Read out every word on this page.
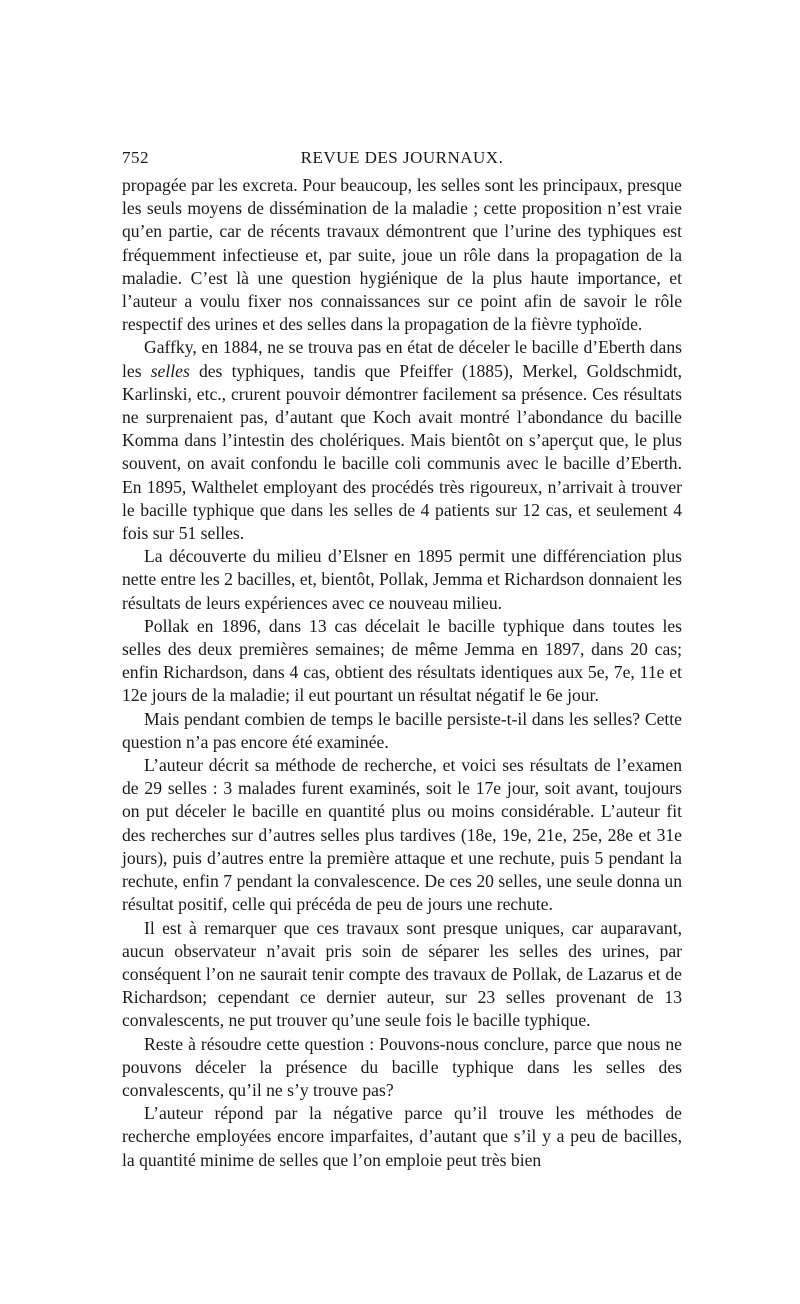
752	REVUE DES JOURNAUX.

propagée par les excreta. Pour beaucoup, les selles sont les principaux, presque les seuls moyens de dissémination de la maladie ; cette proposition n’est vraie qu’en partie, car de récents travaux démontrent que l’urine des typhiques est fréquemment infectieuse et, par suite, joue un rôle dans la propagation de la maladie. C’est là une question hygiénique de la plus haute importance, et l’auteur a voulu fixer nos connaissances sur ce point afin de savoir le rôle respectif des urines et des selles dans la propagation de la fièvre typhoïde.

Gaffky, en 1884, ne se trouva pas en état de déceler le bacille d’Eberth dans les selles des typhiques, tandis que Pfeiffer (1885), Merkel, Goldschmidt, Karlinski, etc., crurent pouvoir démontrer facilement sa présence. Ces résultats ne surprenaient pas, d’autant que Koch avait montré l’abondance du bacille Komma dans l’intestin des cholériques. Mais bientôt on s’aperçut que, le plus souvent, on avait confondu le bacille coli communis avec le bacille d’Eberth. En 1895, Walthelet employant des procédés très rigoureux, n’arrivait à trouver le bacille typhique que dans les selles de 4 patients sur 12 cas, et seulement 4 fois sur 51 selles.

La découverte du milieu d’Elsner en 1895 permit une différenciation plus nette entre les 2 bacilles, et, bientôt, Pollak, Jemma et Richardson donnaient les résultats de leurs expériences avec ce nouveau milieu.

Pollak en 1896, dans 13 cas décelait le bacille typhique dans toutes les selles des deux premières semaines; de même Jemma en 1897, dans 20 cas; enfin Richardson, dans 4 cas, obtient des résultats identiques aux 5e, 7e, 11e et 12e jours de la maladie; il eut pourtant un résultat négatif le 6e jour.

Mais pendant combien de temps le bacille persiste-t-il dans les selles? Cette question n’a pas encore été examinée.

L’auteur décrit sa méthode de recherche, et voici ses résultats de l’examen de 29 selles : 3 malades furent examinés, soit le 17e jour, soit avant, toujours on put déceler le bacille en quantité plus ou moins considérable. L’auteur fit des recherches sur d’autres selles plus tardives (18e, 19e, 21e, 25e, 28e et 31e jours), puis d’autres entre la première attaque et une rechute, puis 5 pendant la rechute, enfin 7 pendant la convalescence. De ces 20 selles, une seule donna un résultat positif, celle qui précéda de peu de jours une rechute.

Il est à remarquer que ces travaux sont presque uniques, car auparavant, aucun observateur n’avait pris soin de séparer les selles des urines, par conséquent l’on ne saurait tenir compte des travaux de Pollak, de Lazarus et de Richardson; cependant ce dernier auteur, sur 23 selles provenant de 13 convalescents, ne put trouver qu’une seule fois le bacille typhique.

Reste à résoudre cette question : Pouvons-nous conclure, parce que nous ne pouvons déceler la présence du bacille typhique dans les selles des convalescents, qu’il ne s’y trouve pas?

L’auteur répond par la négative parce qu’il trouve les méthodes de recherche employées encore imparfaites, d’autant que s’il y a peu de bacilles, la quantité minime de selles que l’on emploie peut très bien
